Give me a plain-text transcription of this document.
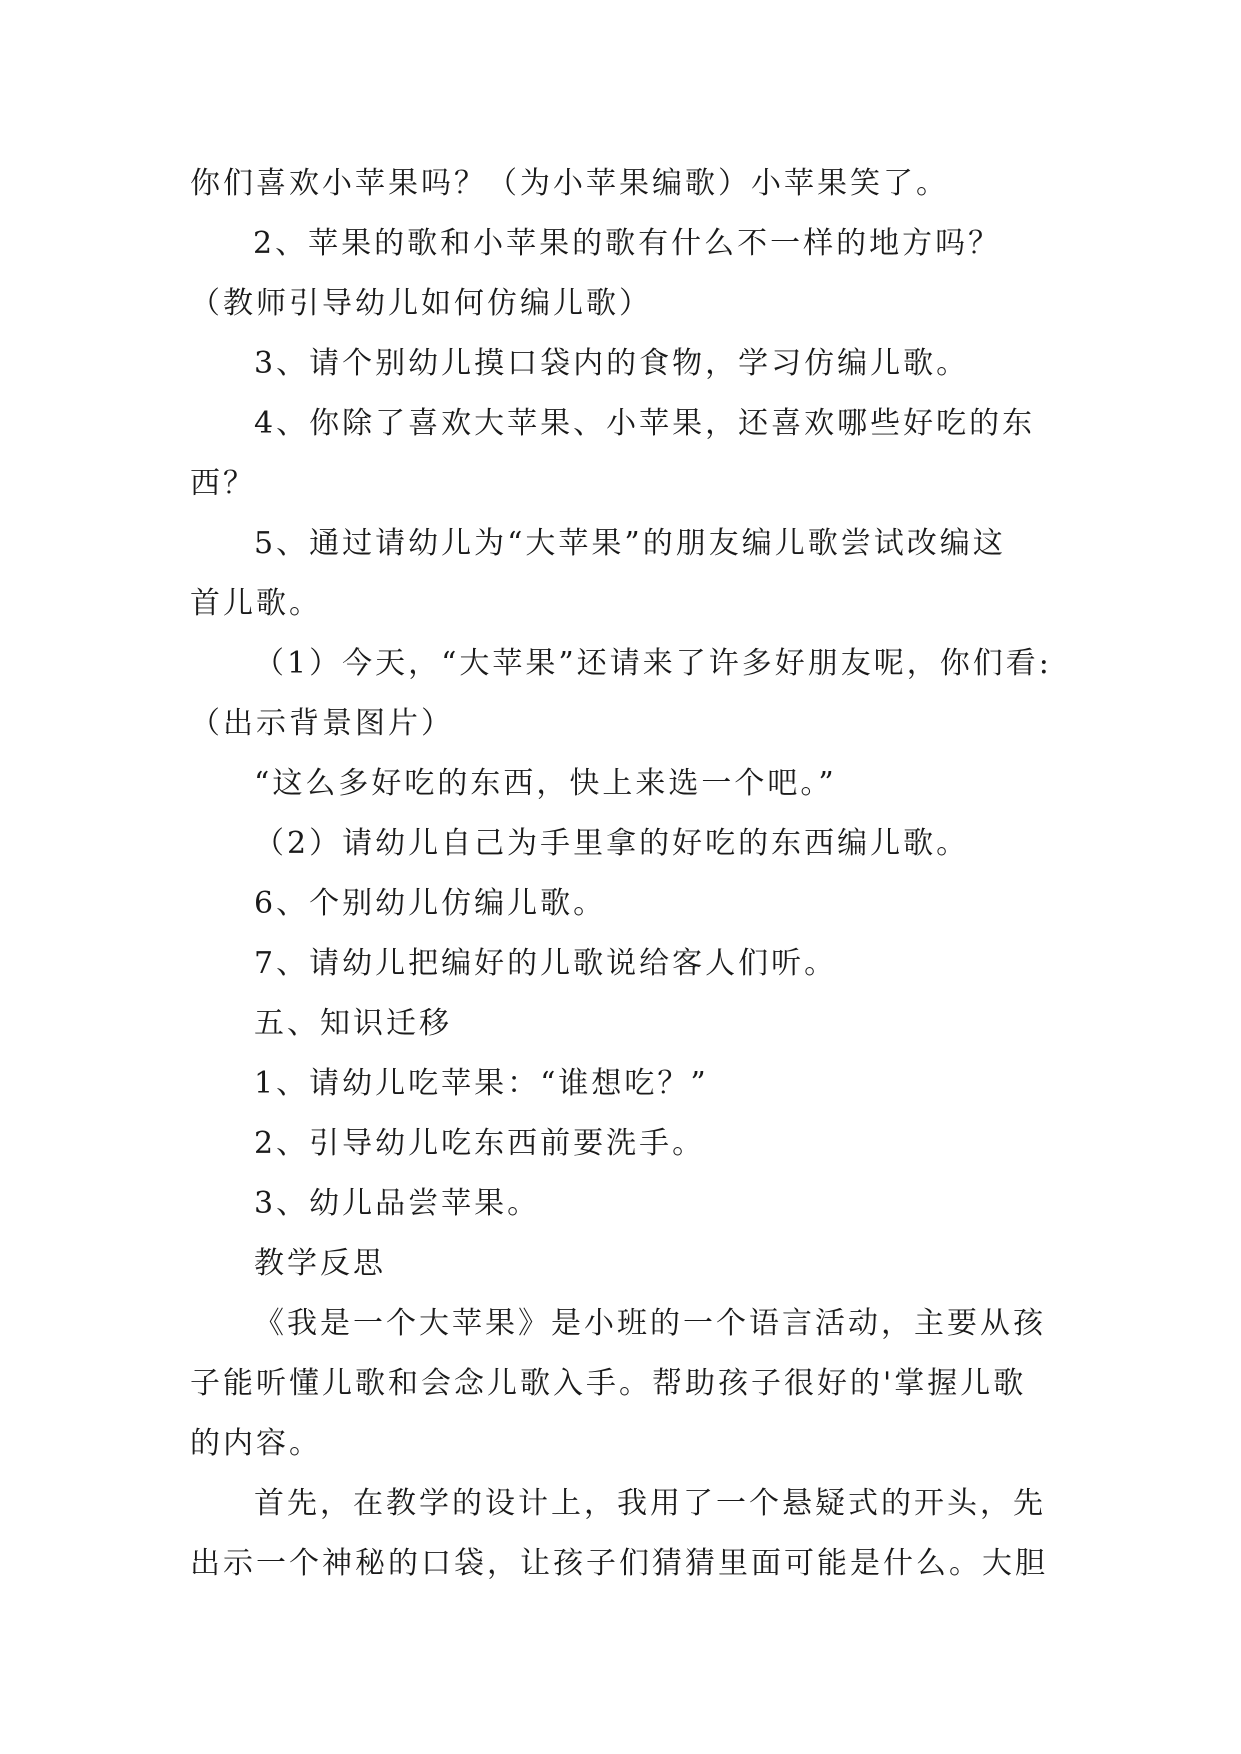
你们喜欢小苹果吗？（为小苹果编歌）小苹果笑了。
2、苹果的歌和小苹果的歌有什么不一样的地方吗？
（教师引导幼儿如何仿编儿歌）
3、请个别幼儿摸口袋内的食物，学习仿编儿歌。
4、你除了喜欢大苹果、小苹果，还喜欢哪些好吃的东
西？
5、通过请幼儿为“大苹果”的朋友编儿歌尝试改编这
首儿歌。
（1）今天，“大苹果”还请来了许多好朋友呢，你们看:
（出示背景图片）
“这么多好吃的东西，快上来选一个吧。”
（2）请幼儿自己为手里拿的好吃的东西编儿歌。
6、个别幼儿仿编儿歌。
7、请幼儿把编好的儿歌说给客人们听。
五、知识迁移
1、请幼儿吃苹果：“谁想吃？”
2、引导幼儿吃东西前要洗手。
3、幼儿品尝苹果。
教学反思
《我是一个大苹果》是小班的一个语言活动，主要从孩
子能听懂儿歌和会念儿歌入手。帮助孩子很好的'掌握儿歌
的内容。
首先，在教学的设计上，我用了一个悬疑式的开头，先
出示一个神秘的口袋，让孩子们猜猜里面可能是什么。大胆
